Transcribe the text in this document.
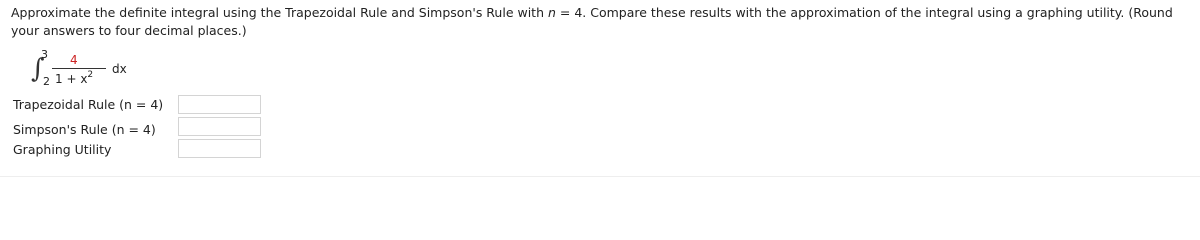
Approximate the definite integral using the Trapezoidal Rule and Simpson's Rule with n = 4. Compare these results with the approximation of the integral using a graphing utility. (Round your answers to four decimal places.)

∫
3
2
4
$1 + x^2$ dx
Trapezoidal Rule (n = 4)
Simpson's Rule (n = 4)
Graphing Utility
